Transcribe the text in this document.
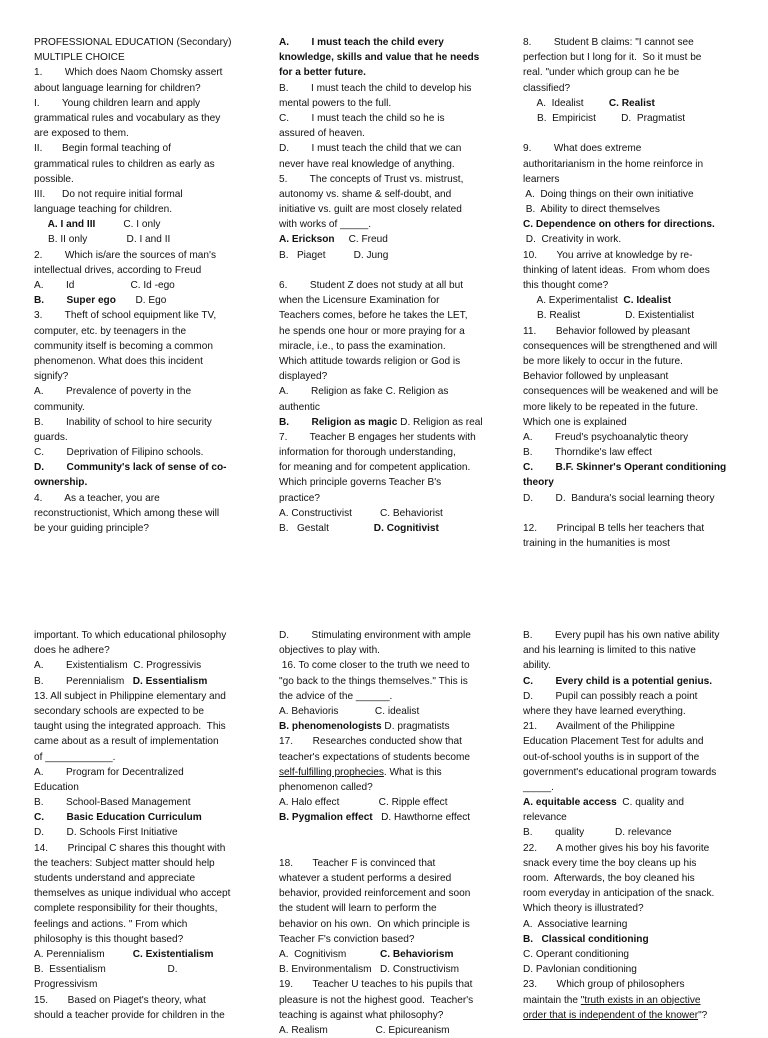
PROFESSIONAL EDUCATION (Secondary)
MULTIPLE CHOICE
1.        Which does Naom Chomsky assert
about language learning for children?
I.        Young children learn and apply
grammatical rules and vocabulary as they
are exposed to them.
II.       Begin formal teaching of
grammatical rules to children as early as
possible.
III.      Do not require initial formal
language teaching for children.
A. I and III          C. I only
B. II only              D. I and II
2.        Which is/are the sources of man's
intellectual drives, according to Freud
A.        Id                    C. Id -ego
B.        Super ego       D. Ego
3.        Theft of school equipment like TV,
computer, etc. by teenagers in the
community itself is becoming a common
phenomenon. What does this incident
signify?
A.        Prevalence of poverty in the
community.
B.        Inability of school to hire security
guards.
C.        Deprivation of Filipino schools.
D.        Community's lack of sense of co-
ownership.
4.        As a teacher, you are
reconstructionist, Which among these will
be your guiding principle?
A.        I must teach the child every
knowledge, skills and value that he needs
for a better future.
B.        I must teach the child to develop his
mental powers to the full.
C.        I must teach the child so he is
assured of heaven.
D.        I must teach the child that we can
never have real knowledge of anything.
5.        The concepts of Trust vs. mistrust,
autonomy vs. shame & self-doubt, and
initiative vs. guilt are most closely related
with works of _____.
A. Erickson     C. Freud
B.   Piaget          D. Jung
6.        Student Z does not study at all but
when the Licensure Examination for
Teachers comes, before he takes the LET,
he spends one hour or more praying for a
miracle, i.e., to pass the examination.
Which attitude towards religion or God is
displayed?
A.        Religion as fake C. Religion as
authentic
B.        Religion as magic D. Religion as real
7.        Teacher B engages her students with
information for thorough understanding,
for meaning and for competent application.
Which principle governs Teacher B's
practice?
A. Constructivist          C. Behaviorist
B.   Gestalt                D. Cognitivist
8.        Student B claims: "I cannot see
perfection but I long for it.  So it must be
real. "under which group can he be
classified?
A.  Idealist         C. Realist
B.  Empiricist         D.  Pragmatist
9.        What does extreme
authoritarianism in the home reinforce in
learners
A.  Doing things on their own initiative
B.  Ability to direct themselves
C. Dependence on others for directions.
D.  Creativity in work.
10.       You arrive at knowledge by re-
thinking of latent ideas.  From whom does
this thought come?
A. Experimentalist  C. Idealist
B. Realist                D. Existentialist
11.       Behavior followed by pleasant
consequences will be strengthened and will
be more likely to occur in the future.
Behavior followed by unpleasant
consequences will be weakened and will be
more likely to be repeated in the future.
Which one is explained
A.        Freud's psychoanalytic theory
B.        Thorndike's law effect
C.        B.F. Skinner's Operant conditioning
theory
D.        D.  Bandura's social learning theory
12.       Principal B tells her teachers that
training in the humanities is most
important. To which educational philosophy
does he adhere?
A.        Existentialism  C. Progressivis
B.        Perennialism   D. Essentialism
13. All subject in Philippine elementary and
secondary schools are expected to be
taught using the integrated approach.  This
came about as a result of implementation
of ____________.
A.        Program for Decentralized
Education
B.        School-Based Management
C.        Basic Education Curriculum
D.        D. Schools First Initiative
14.       Principal C shares this thought with
the teachers: Subject matter should help
students understand and appreciate
themselves as unique individual who accept
complete responsibility for their thoughts,
feelings and actions. " From which
philosophy is this thought based?
A. Perennialism          C. Existentialism
B.  Essentialism                      D.
Progressivism
15.       Based on Piaget's theory, what
should a teacher provide for children in the
D.        Stimulating environment with ample
objectives to play with.
16. To come closer to the truth we need to
"go back to the things themselves." This is
the advice of the ______.
A. Behavioris             C. idealist
B. phenomenologists D. pragmatists
17.       Researches conducted show that
teacher's expectations of students become
self-fulfilling prophecies. What is this
phenomenon called?
A. Halo effect              C. Ripple effect
B. Pygmalion effect   D. Hawthorne effect
18.       Teacher F is convinced that
whatever a student performs a desired
behavior, provided reinforcement and soon
the student will learn to perform the
behavior on his own.  On which principle is
Teacher F's conviction based?
A.  Cognitivism            C. Behaviorism
B. Environmentalism   D. Constructivism
19.       Teacher U teaches to his pupils that
pleasure is not the highest good.  Teacher's
teaching is against what philosophy?
A. Realism                 C. Epicureanism
B.        Every pupil has his own native ability
and his learning is limited to this native
ability.
C.        Every child is a potential genius.
D.        Pupil can possibly reach a point
where they have learned everything.
21.       Availment of the Philippine
Education Placement Test for adults and
out-of-school youths is in support of the
government's educational program towards
_____.
A. equitable access  C. quality and
relevance
B.        quality           D. relevance
22.       A mother gives his boy his favorite
snack every time the boy cleans up his
room.  Afterwards, the boy cleaned his
room everyday in anticipation of the snack.
Which theory is illustrated?
A.  Associative learning
B.   Classical conditioning
C. Operant conditioning
D. Pavlonian conditioning
23.       Which group of philosophers
maintain the "truth exists in an objective
order that is independent of the knower"?
